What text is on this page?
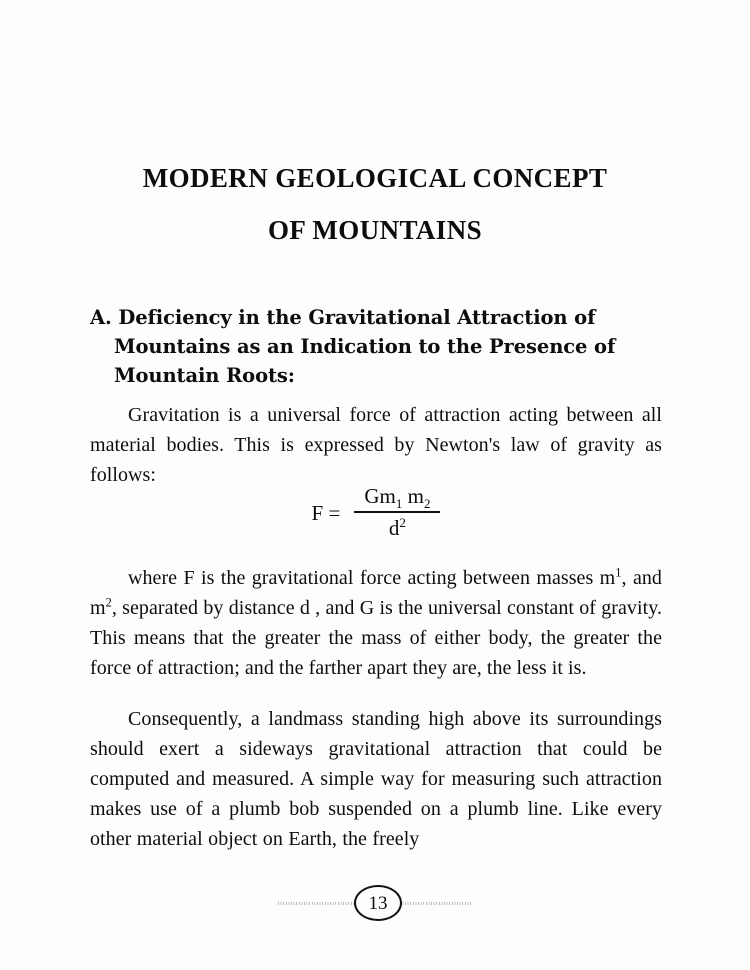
MODERN GEOLOGICAL CONCEPT
OF MOUNTAINS
A. Deficiency in the Gravitational Attraction of Mountains as an Indication to the Presence of Mountain Roots:

Gravitation is a universal force of attraction acting between all material bodies. This is expressed by Newton's law of gravity as follows:

$F = \frac{Gm_1 m_2}{d^2}$

where F is the gravitational force acting between masses $m^1$, and $m^2$, separated by distance d , and G is the universal constant of gravity. This means that the greater the mass of either body, the greater the force of attraction; and the farther apart they are, the less it is.

Consequently, a landmass standing high above its surroundings should exert a sideways gravitational attraction that could be computed and measured. A simple way for measuring such attraction makes use of a plumb bob suspended on a plumb line. Like every other material object on Earth, the freely

13
